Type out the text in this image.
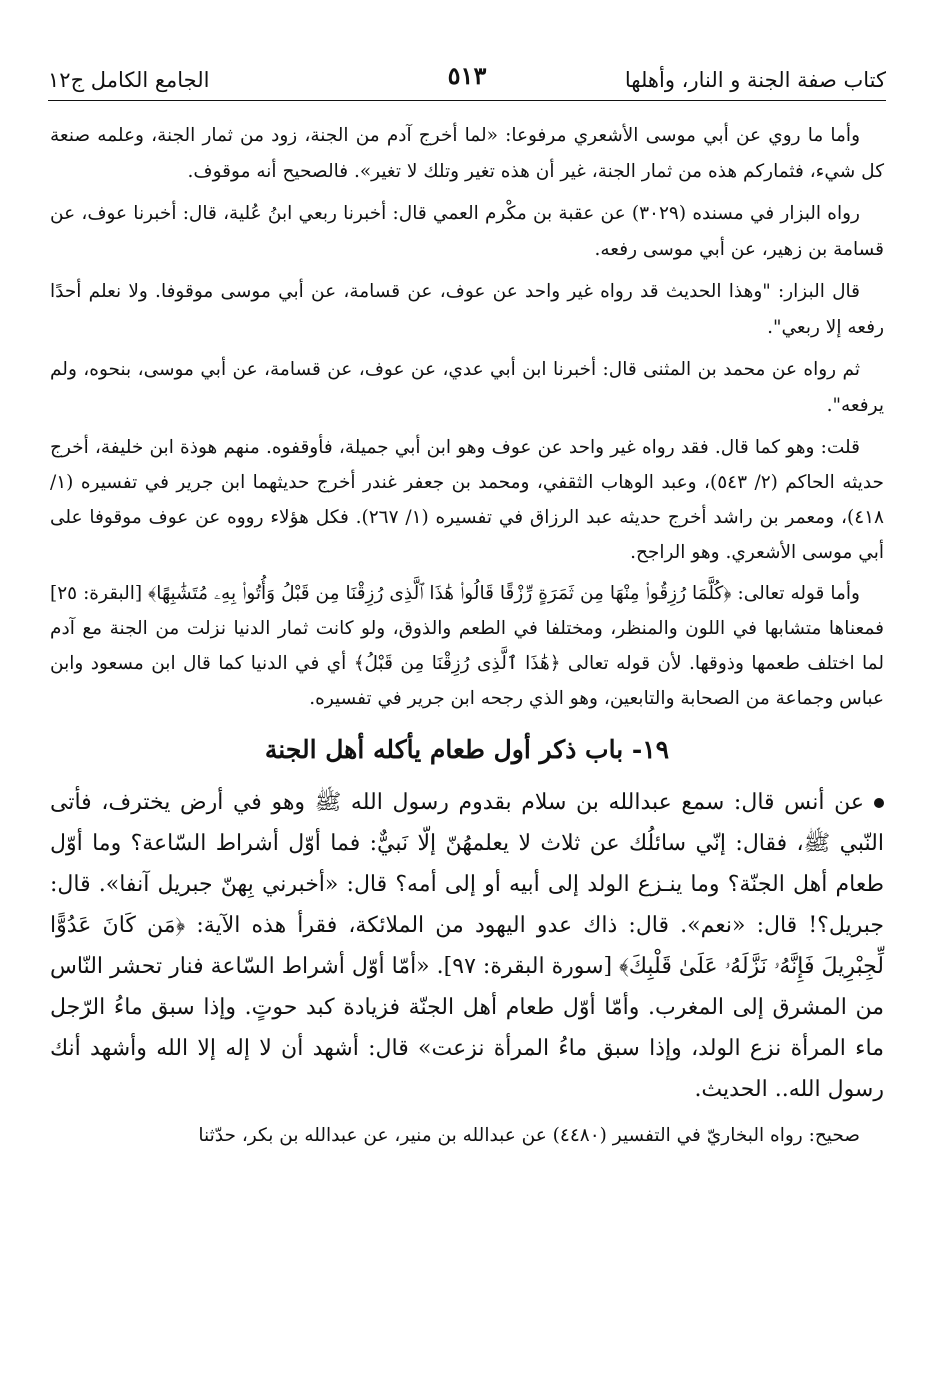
كتاب صفة الجنة و النار، وأهلها
٥١٣
الجامع الكامل ج١٢

وأما ما روي عن أبي موسى الأشعري مرفوعا: «لما أخرج آدم من الجنة، زود من ثمار الجنة، وعلمه صنعة كل شيء، فثماركم هذه من ثمار الجنة، غير أن هذه تغير وتلك لا تغير». فالصحيح أنه موقوف.

رواه البزار في مسنده (٣٠٢٩) عن عقبة بن مكْرم العمي قال: أخبرنا ربعي ابنُ عُلية، قال: أخبرنا عوف، عن قسامة بن زهير، عن أبي موسى رفعه.

قال البزار: "وهذا الحديث قد رواه غير واحد عن عوف، عن قسامة، عن أبي موسى موقوفا. ولا نعلم أحدًا رفعه إلا ربعي".

ثم رواه عن محمد بن المثنى قال: أخبرنا ابن أبي عدي، عن عوف، عن قسامة، عن أبي موسى، بنحوه، ولم يرفعه".

قلت: وهو كما قال. فقد رواه غير واحد عن عوف وهو ابن أبي جميلة، فأوقفوه. منهم هوذة ابن خليفة، أخرج حديثه الحاكم (٢/ ٥٤٣)، وعبد الوهاب الثقفي، ومحمد بن جعفر غندر أخرج حديثهما ابن جرير في تفسيره (١/ ٤١٨)، ومعمر بن راشد أخرج حديثه عبد الرزاق في تفسيره (١/ ٢٦٧). فكل هؤلاء رووه عن عوف موقوفا على أبي موسى الأشعري. وهو الراجح.

وأما قوله تعالى: ﴿كُلَّمَا رُزِقُوا۟ مِنْهَا مِن ثَمَرَةٍ رِّزْقًا قَالُوا۟ هَٰذَا ٱلَّذِى رُزِقْنَا مِن قَبْلُ وَأُتُوا۟ بِهِۦ مُتَشَٰبِهًا﴾ [البقرة: ٢٥] فمعناها متشابها في اللون والمنظر، ومختلفا في الطعم والذوق، ولو كانت ثمار الدنيا نزلت من الجنة مع آدم لما اختلف طعمها وذوقها. لأن قوله تعالى ﴿هَٰذَا ٱلَّذِى رُزِقْنَا مِن قَبْلُ﴾ أي في الدنيا كما قال ابن مسعود وابن عباس وجماعة من الصحابة والتابعين، وهو الذي رجحه ابن جرير في تفسيره.

١٩- باب ذكر أول طعام يأكله أهل الجنة

عن أنس قال: سمع عبدالله بن سلام بقدوم رسول الله ﷺ وهو في أرض يخترف، فأتى النّبي ﷺ، فقال: إنّي سائلُك عن ثلاث لا يعلمهُنّ إلّا نَبيٌّ: فما أوّل أشراط السّاعة؟ وما أوّل طعام أهل الجنّة؟ وما ينـزع الولد إلى أبيه أو إلى أمه؟ قال: «أخبرني بِهنّ جبريل آنفا». قال: جبريل؟! قال: «نعم». قال: ذاك عدو اليهود من الملائكة، فقرأ هذه الآية: ﴿مَن كَانَ عَدُوًّا لِّجِبْرِيلَ فَإِنَّهُۥ نَزَّلَهُۥ عَلَىٰ قَلْبِكَ﴾ [سورة البقرة: ٩٧]. «أمّا أوّل أشراط السّاعة فنار تحشر النّاس من المشرق إلى المغرب. وأمّا أوّل طعام أهل الجنّة فزيادة كبد حوتٍ. وإذا سبق ماءُ الرّجل ماء المرأة نزع الولد، وإذا سبق ماءُ المرأة نزعت» قال: أشهد أن لا إله إلا الله وأشهد أنك رسول الله.. الحديث.

صحيح: رواه البخاريّ في التفسير (٤٤٨٠) عن عبدالله بن منير، عن عبدالله بن بكر، حدّثنا
